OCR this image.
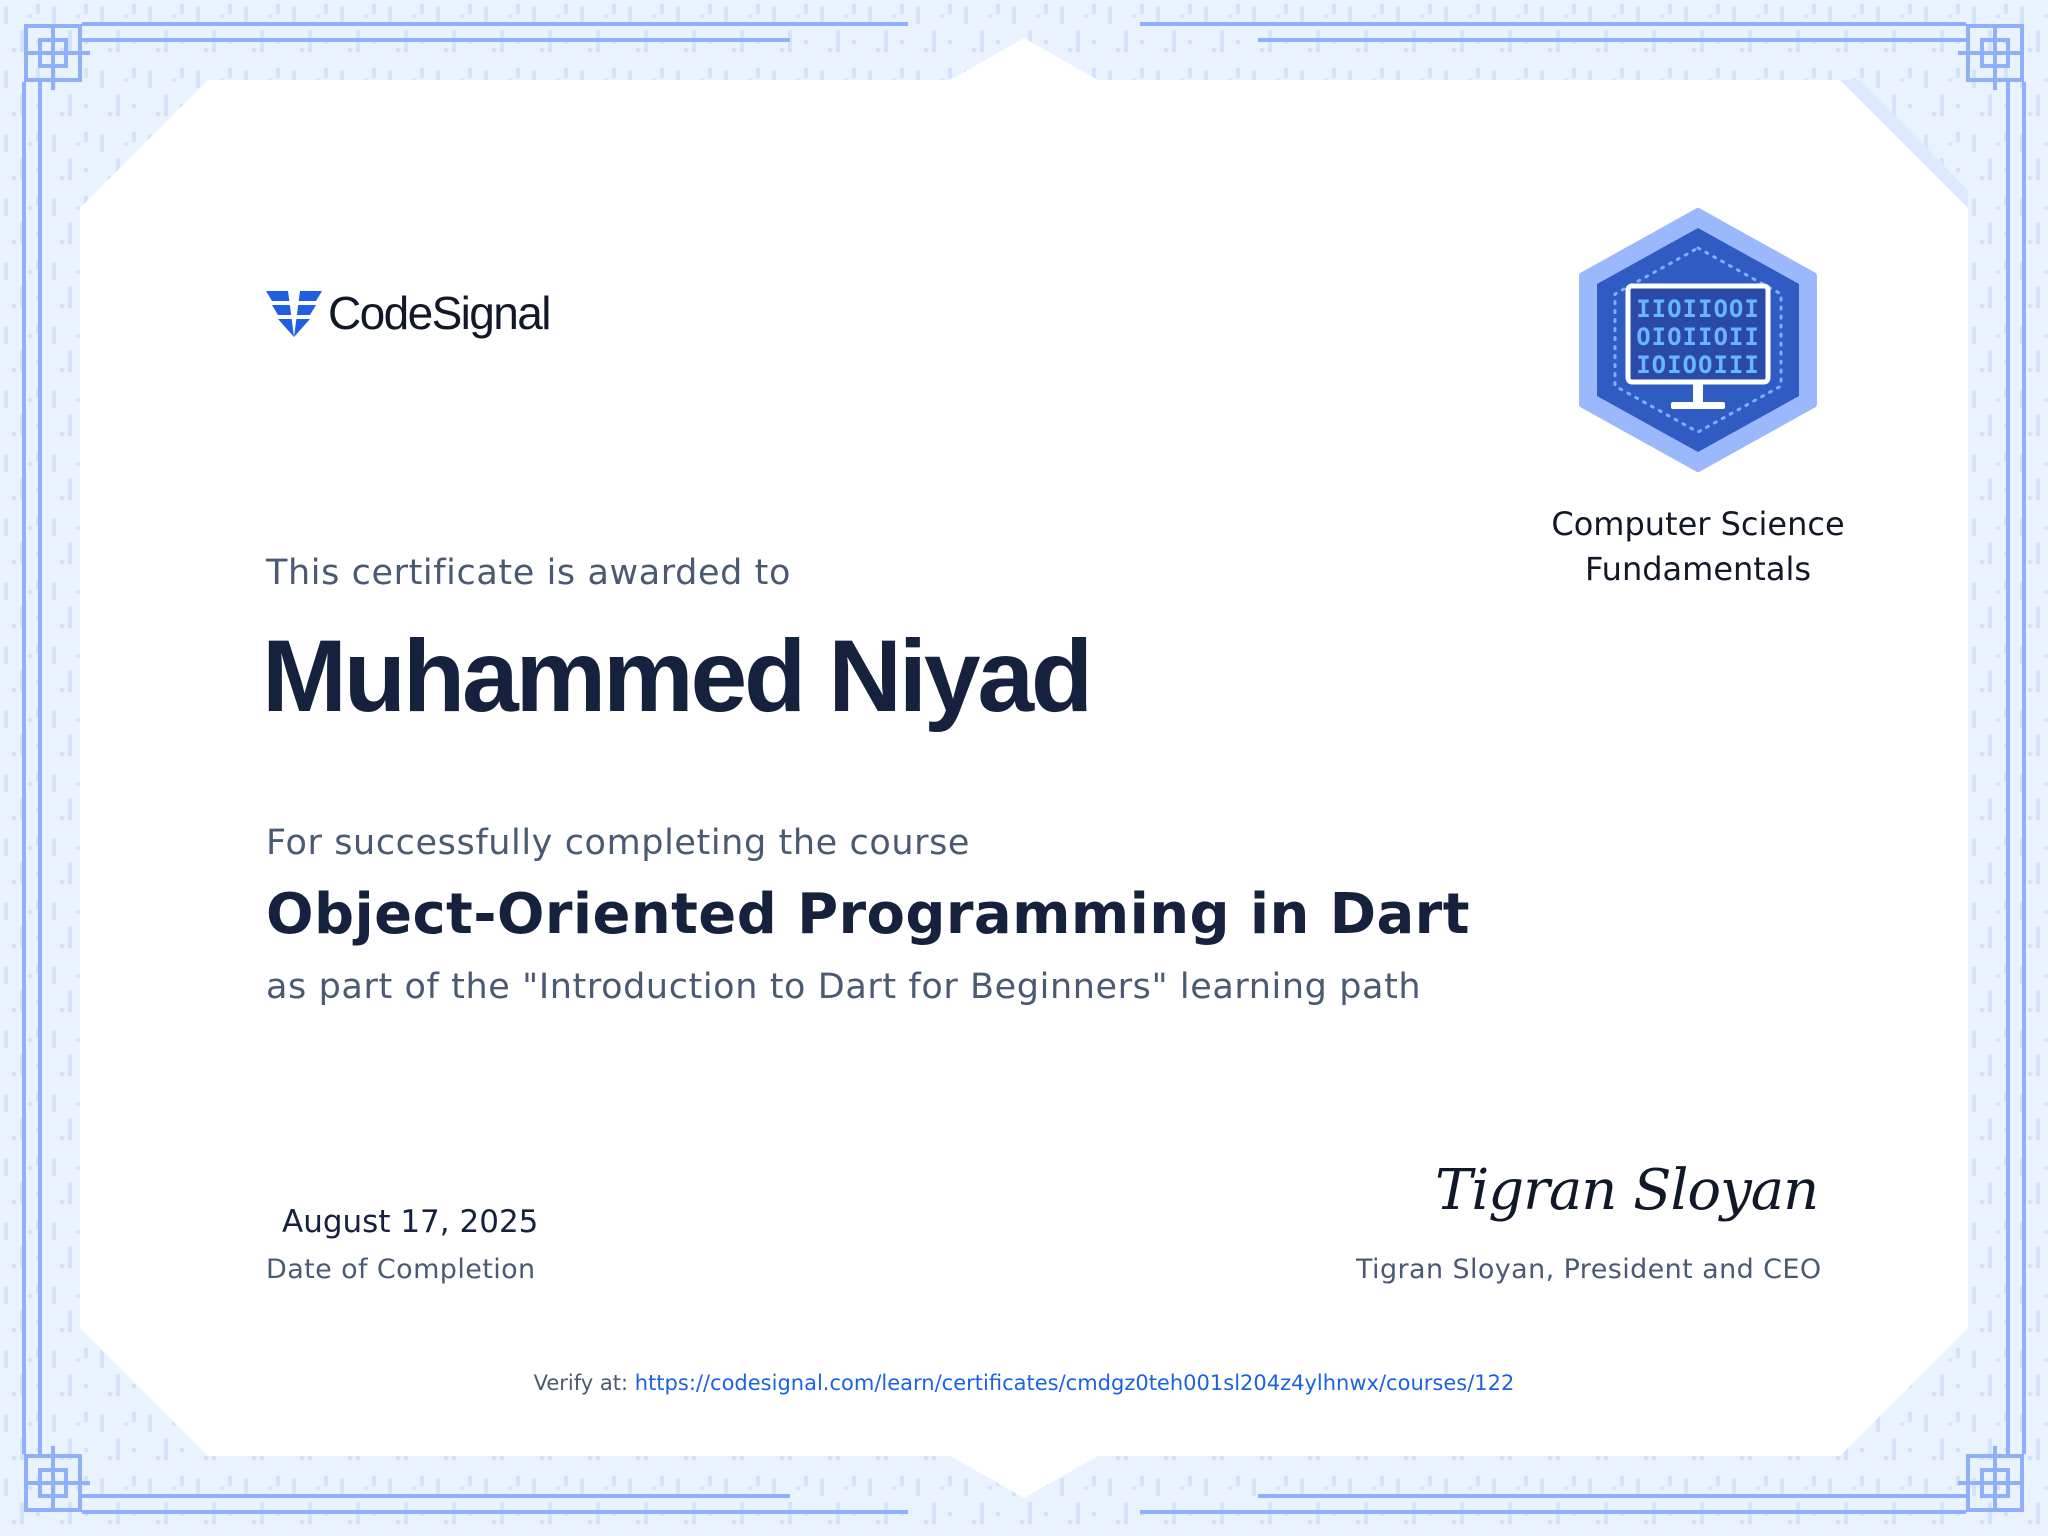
CodeSignal	IIOIIOOI
OIOIIOII
IOIOOIII
Computer Science
Fundamentals

This certificate is awarded to

Muhammed Niyad

For successfully completing the course

Object-Oriented Programming in Dart

as part of the "Introduction to Dart for Beginners" learning path

August 17, 2025

Date of Completion

Tigran Sloyan

Tigran Sloyan, President and CEO

Verify at: https://codesignal.com/learn/certificates/cmdgz0teh001sl204z4ylhnwx/courses/122
